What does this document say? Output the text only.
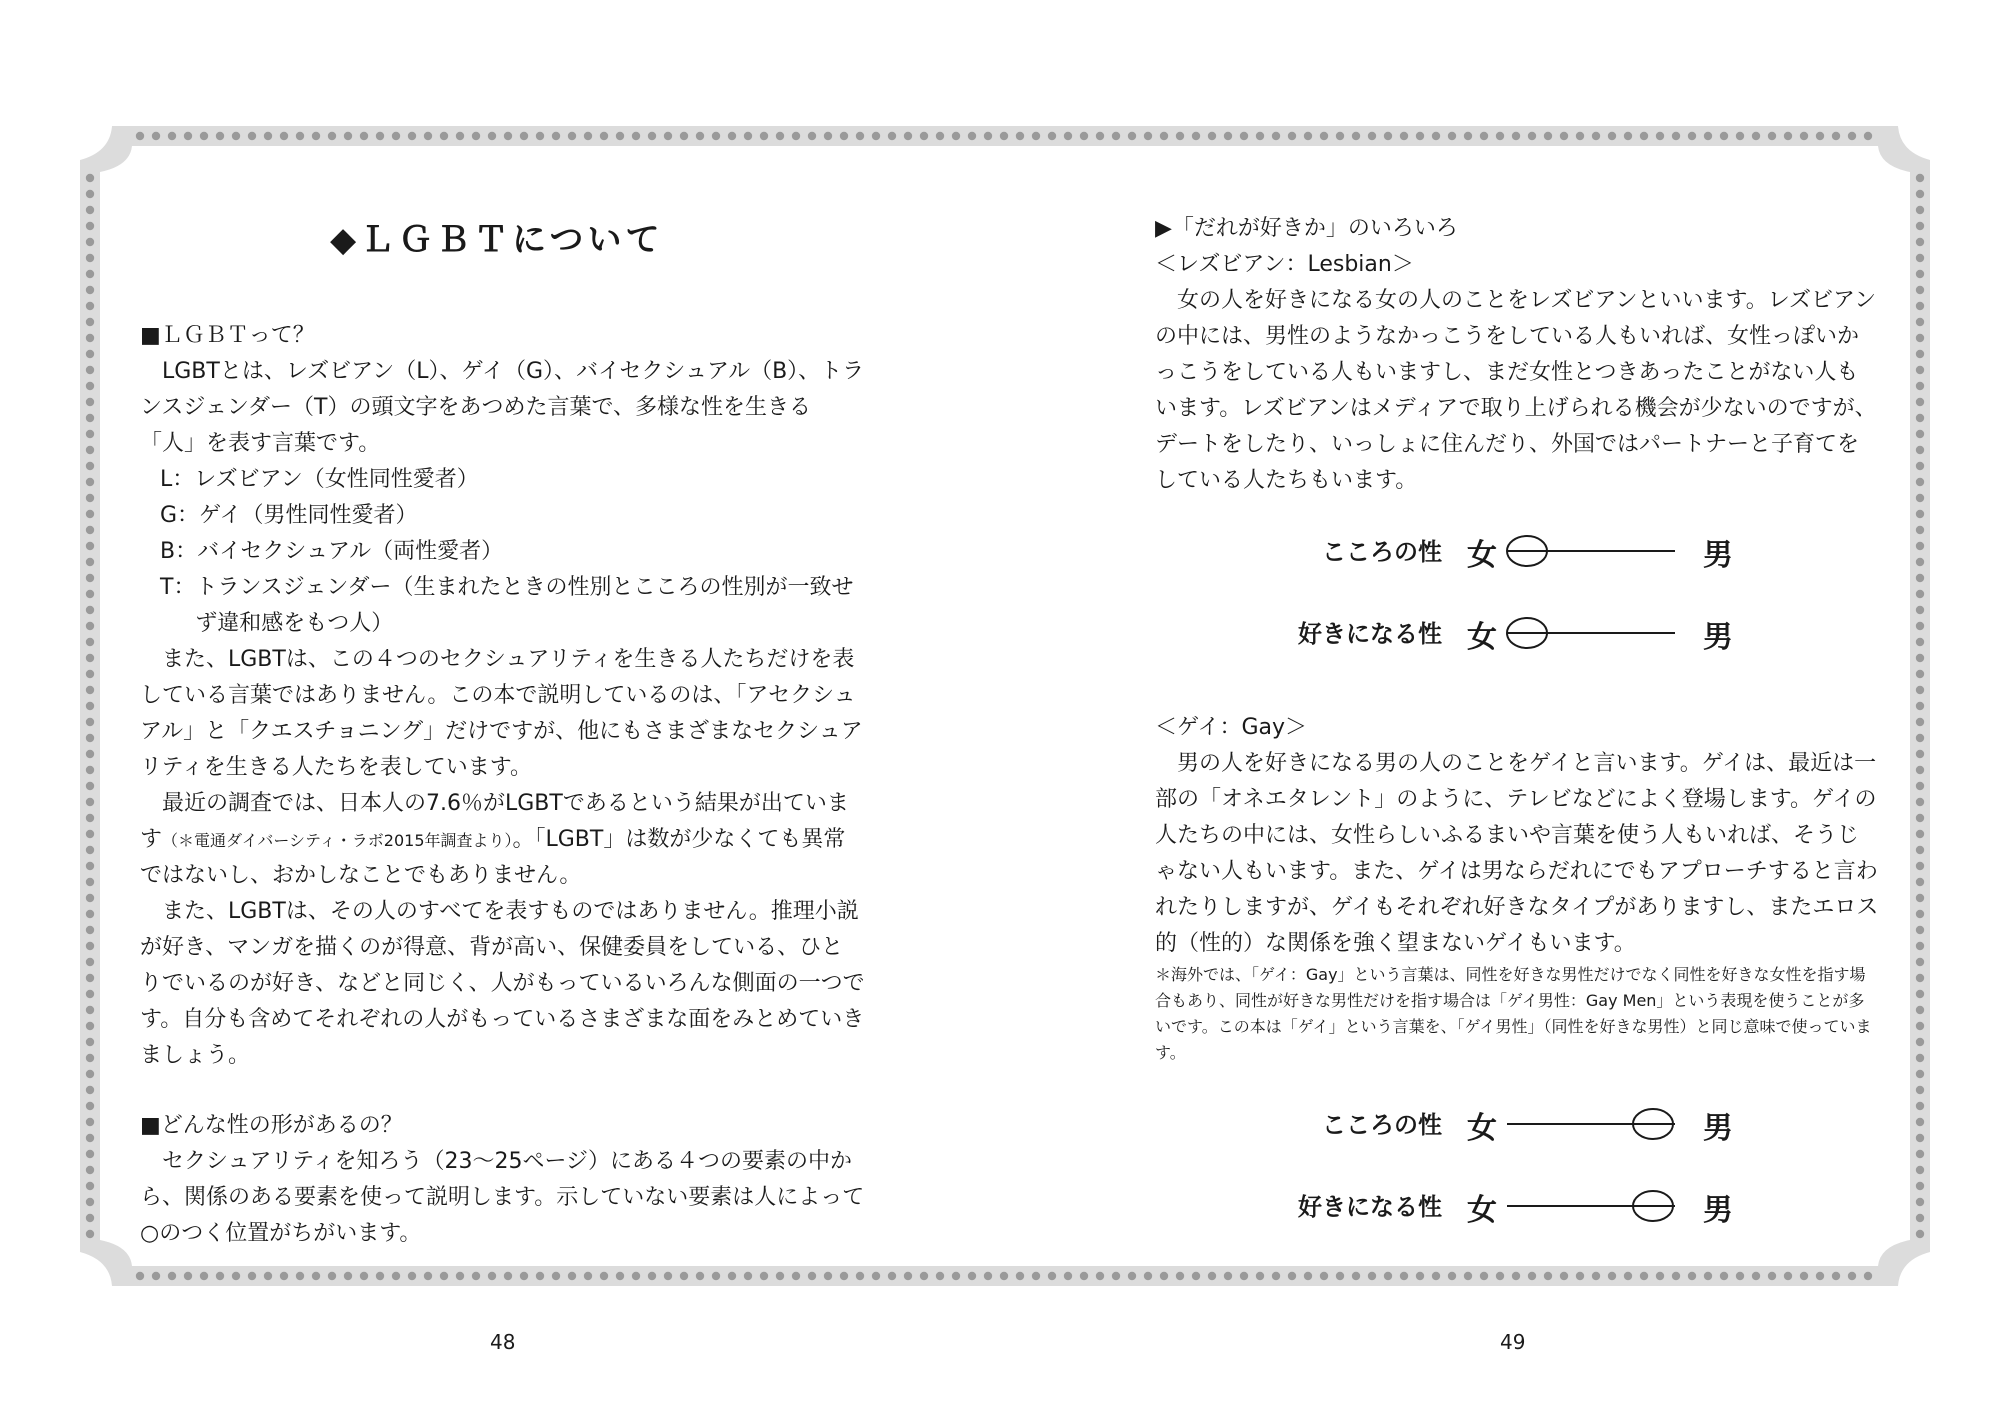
◆ＬＧＢＴについて

■ＬＧＢＴって？

LGBTとは、レズビアン（L）、ゲイ（G）、バイセクシュアル（B）、トランスジェンダー（T）の頭文字をあつめた言葉で、多様な性を生きる「人」を表す言葉です。

L：レズビアン（女性同性愛者）

G：ゲイ（男性同性愛者）

B：バイセクシュアル（両性愛者）

T：トランスジェンダー（生まれたときの性別とこころの性別が一致せず違和感をもつ人）

また、LGBTは、この４つのセクシュアリティを生きる人たちだけを表している言葉ではありません。この本で説明しているのは、「アセクシュアル」と「クエスチョニング」だけですが、他にもさまざまなセクシュアリティを生きる人たちを表しています。

最近の調査では、日本人の7.6％がLGBTであるという結果が出ています（＊電通ダイバーシティ・ラボ2015年調査より）。「LGBT」は数が少なくても異常ではないし、おかしなことでもありません。

また、LGBTは、その人のすべてを表すものではありません。推理小説が好き、マンガを描くのが得意、背が高い、保健委員をしている、ひとりでいるのが好き、などと同じく、人がもっているいろんな側面の一つです。自分も含めてそれぞれの人がもっているさまざまな面をみとめていきましょう。

■どんな性の形があるの？

セクシュアリティを知ろう（23～25ページ）にある４つの要素の中から、関係のある要素を使って説明します。示していない要素は人によって○のつく位置がちがいます。

48

▶「だれが好きか」のいろいろ

＜レズビアン：Lesbian＞

女の人を好きになる女の人のことをレズビアンといいます。レズビアンの中には、男性のようなかっこうをしている人もいれば、女性っぽいかっこうをしている人もいますし、まだ女性とつきあったことがない人もいます。レズビアンはメディアで取り上げられる機会が少ないのですが、デートをしたり、いっしょに住んだり、外国ではパートナーと子育てをしている人たちもいます。

こころの性 女	男
好きになる性 女	男

＜ゲイ：Gay＞

男の人を好きになる男の人のことをゲイと言います。ゲイは、最近は一部の「オネエタレント」のように、テレビなどによく登場します。ゲイの人たちの中には、女性らしいふるまいや言葉を使う人もいれば、そうじゃない人もいます。また、ゲイは男ならだれにでもアプローチすると言われたりしますが、ゲイもそれぞれ好きなタイプがありますし、またエロス的（性的）な関係を強く望まないゲイもいます。

＊海外では、「ゲイ：Gay」という言葉は、同性を好きな男性だけでなく同性を好きな女性を指す場合もあり、同性が好きな男性だけを指す場合は「ゲイ男性：Gay Men」という表現を使うことが多いです。この本は「ゲイ」という言葉を、「ゲイ男性」（同性を好きな男性）と同じ意味で使っています。

こころの性 女	男
好きになる性 女	男
49
